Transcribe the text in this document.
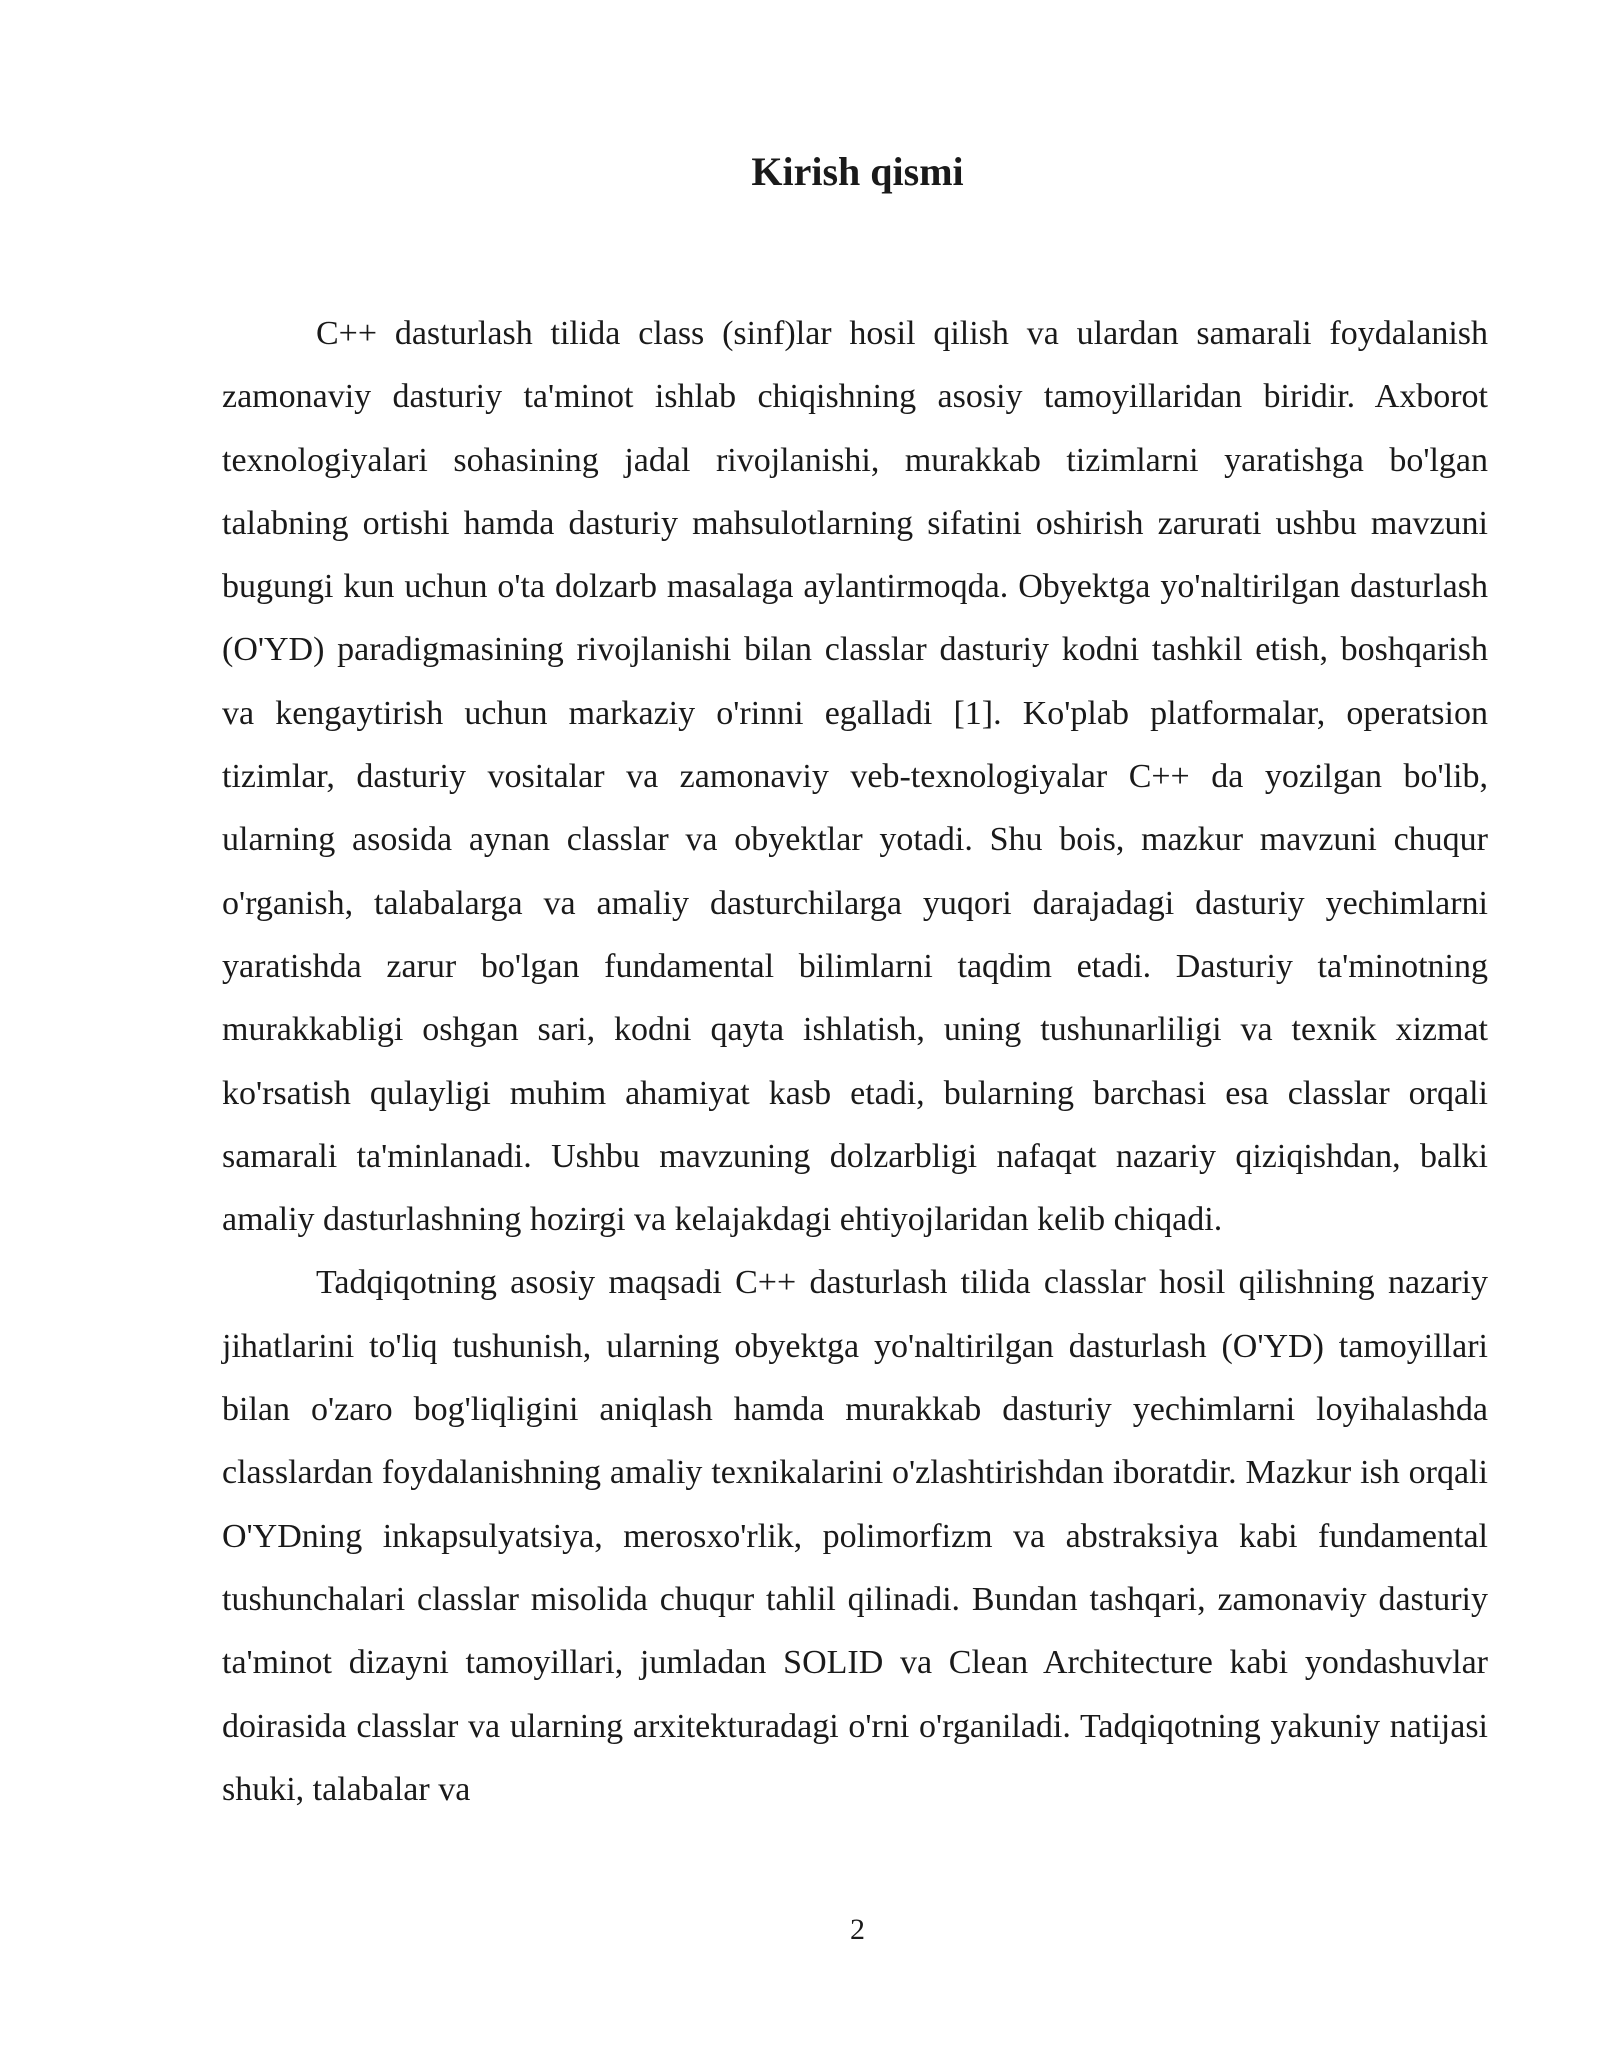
Kirish qismi

C++ dasturlash tilida class (sinf)lar hosil qilish va ulardan samarali foydalanish zamonaviy dasturiy ta'minot ishlab chiqishning asosiy tamoyillaridan biridir. Axborot texnologiyalari sohasining jadal rivojlanishi, murakkab tizimlarni yaratishga bo'lgan talabning ortishi hamda dasturiy mahsulotlarning sifatini oshirish zarurati ushbu mavzuni bugungi kun uchun o'ta dolzarb masalaga aylantirmoqda. Obyektga yo'naltirilgan dasturlash (O'YD) paradigmasining rivojlanishi bilan classlar dasturiy kodni tashkil etish, boshqarish va kengaytirish uchun markaziy o'rinni egalladi [1]. Ko'plab platformalar, operatsion tizimlar, dasturiy vositalar va zamonaviy veb-texnologiyalar C++ da yozilgan bo'lib, ularning asosida aynan classlar va obyektlar yotadi. Shu bois, mazkur mavzuni chuqur o'rganish, talabalarga va amaliy dasturchilarga yuqori darajadagi dasturiy yechimlarni yaratishda zarur bo'lgan fundamental bilimlarni taqdim etadi. Dasturiy ta'minotning murakkabligi oshgan sari, kodni qayta ishlatish, uning tushunarliligi va texnik xizmat ko'rsatish qulayligi muhim ahamiyat kasb etadi, bularning barchasi esa classlar orqali samarali ta'minlanadi. Ushbu mavzuning dolzarbligi nafaqat nazariy qiziqishdan, balki amaliy dasturlashning hozirgi va kelajakdagi ehtiyojlaridan kelib chiqadi.

Tadqiqotning asosiy maqsadi C++ dasturlash tilida classlar hosil qilishning nazariy jihatlarini to'liq tushunish, ularning obyektga yo'naltirilgan dasturlash (O'YD) tamoyillari bilan o'zaro bog'liqligini aniqlash hamda murakkab dasturiy yechimlarni loyihalashda classlardan foydalanishning amaliy texnikalarini o'zlashtirishdan iboratdir. Mazkur ish orqali O'YDning inkapsulyatsiya, merosxo'rlik, polimorfizm va abstraksiya kabi fundamental tushunchalari classlar misolida chuqur tahlil qilinadi. Bundan tashqari, zamonaviy dasturiy ta'minot dizayni tamoyillari, jumladan SOLID va Clean Architecture kabi yondashuvlar doirasida classlar va ularning arxitekturadagi o'rni o'rganiladi. Tadqiqotning yakuniy natijasi shuki, talabalar va

2
